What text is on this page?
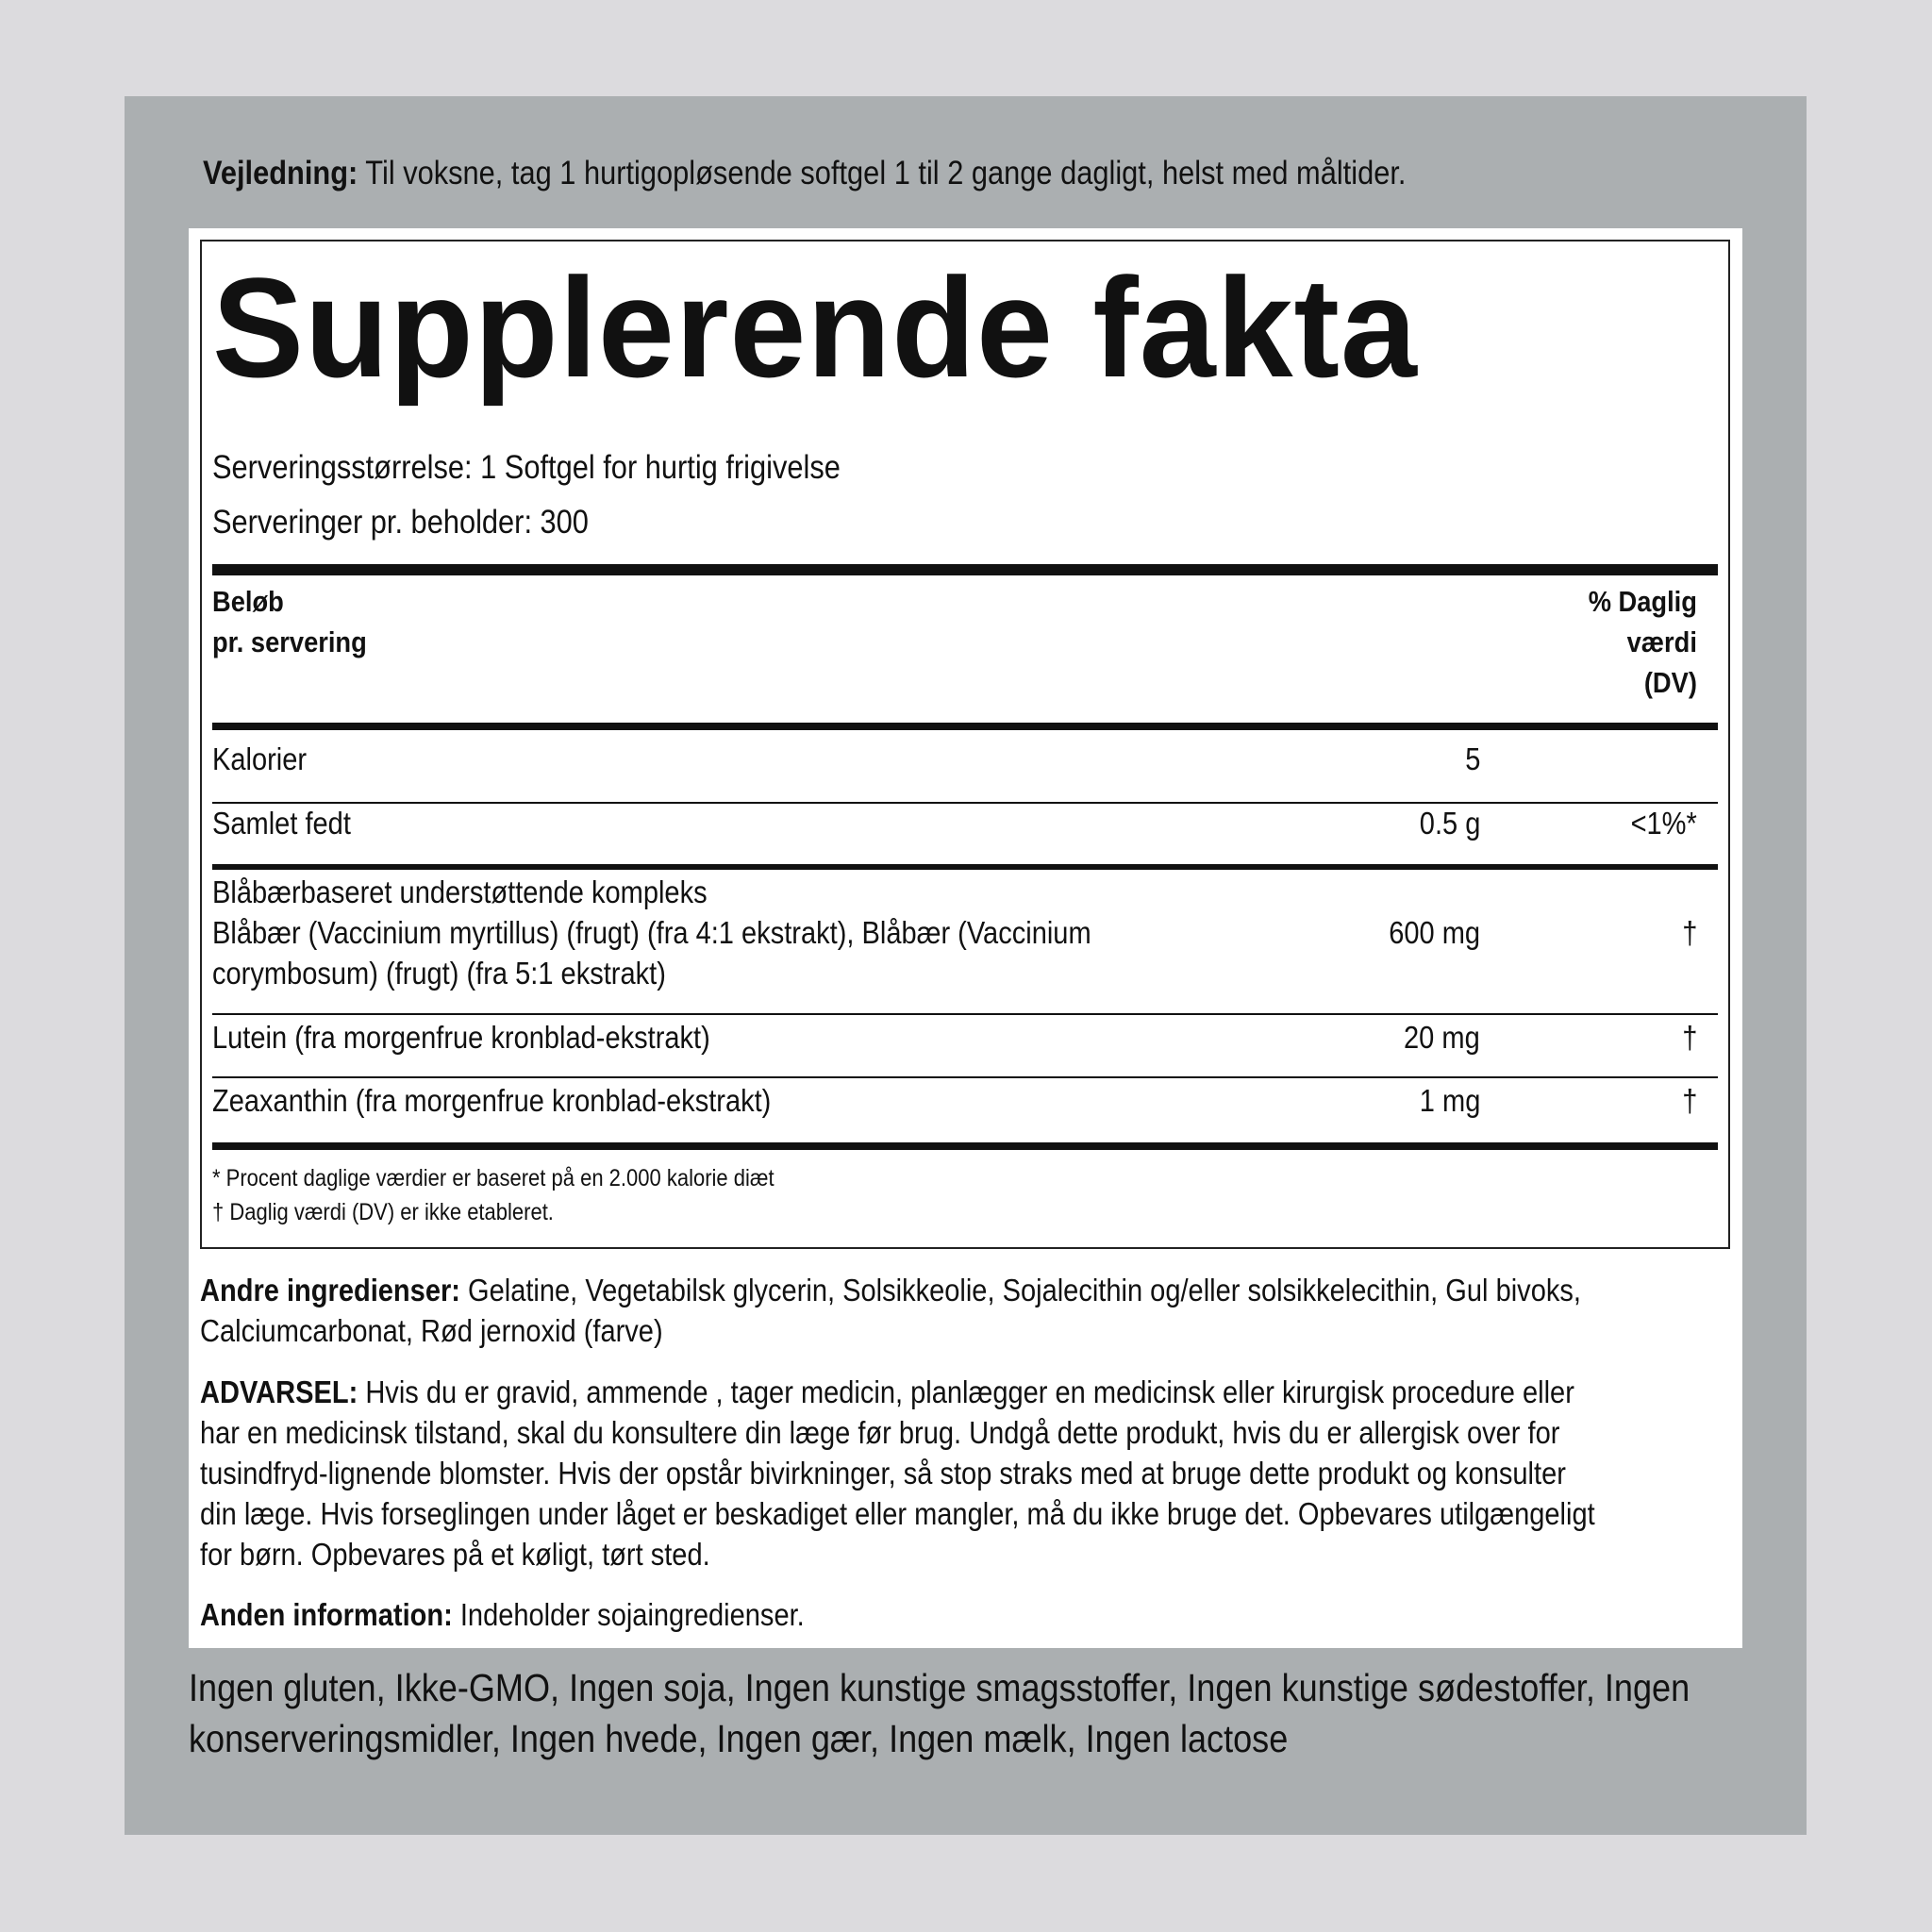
Vejledning: Til voksne, tag 1 hurtigopløsende softgel 1 til 2 gange dagligt, helst med måltider.
Supplerende fakta
Serveringsstørrelse: 1 Softgel for hurtig frigivelse
Serveringer pr. beholder: 300
Beløb
pr. servering
% Daglig
værdi
(DV)
Kalorier	5
Samlet fedt	0.5 g	<1%*
Blåbærbaseret understøttende kompleks
Blåbær (Vaccinium myrtillus) (frugt) (fra 4:1 ekstrakt), Blåbær (Vaccinium
corymbosum) (frugt) (fra 5:1 ekstrakt)
600 mg	†
Lutein (fra morgenfrue kronblad-ekstrakt)	20 mg	†
Zeaxanthin (fra morgenfrue kronblad-ekstrakt)	1 mg	†
* Procent daglige værdier er baseret på en 2.000 kalorie diæt
† Daglig værdi (DV) er ikke etableret.
Andre ingredienser: Gelatine, Vegetabilsk glycerin, Solsikkeolie, Sojalecithin og/eller solsikkelecithin, Gul bivoks, Calciumcarbonat, Rød jernoxid (farve)
ADVARSEL: Hvis du er gravid, ammende , tager medicin, planlægger en medicinsk eller kirurgisk procedure eller har en medicinsk tilstand, skal du konsultere din læge før brug. Undgå dette produkt, hvis du er allergisk over for tusindfryd-lignende blomster. Hvis der opstår bivirkninger, så stop straks med at bruge dette produkt og konsulter din læge. Hvis forseglingen under låget er beskadiget eller mangler, må du ikke bruge det. Opbevares utilgængeligt for børn. Opbevares på et køligt, tørt sted.
Anden information: Indeholder sojaingredienser.
Ingen gluten, Ikke-GMO, Ingen soja, Ingen kunstige smagsstoffer, Ingen kunstige sødestoffer, Ingen konserveringsmidler, Ingen hvede, Ingen gær, Ingen mælk, Ingen lactose
